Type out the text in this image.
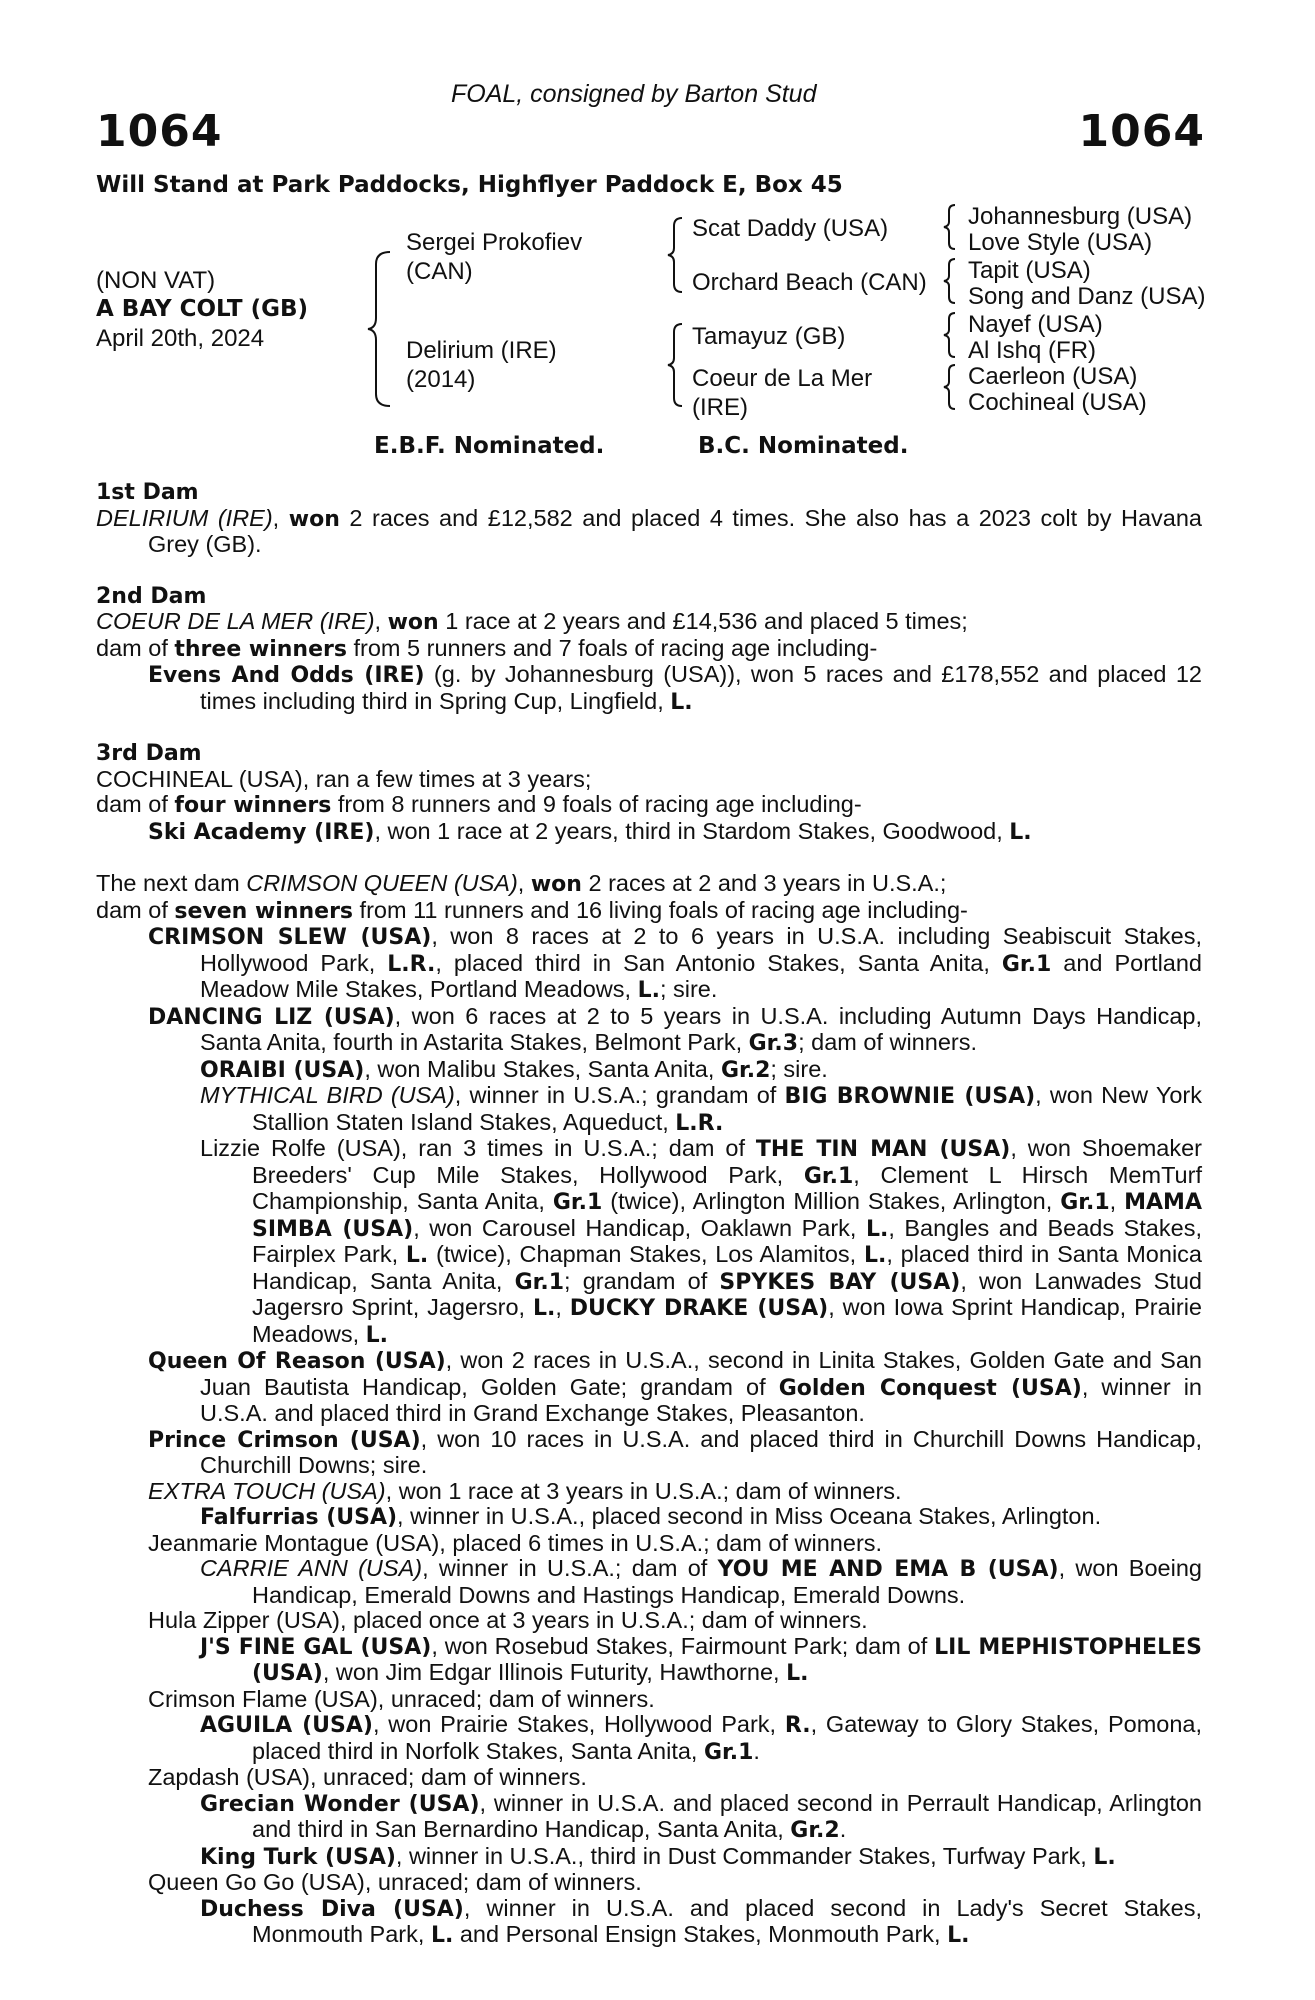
FOAL, consigned by Barton Stud
1064	1064
Will Stand at Park Paddocks, Highflyer Paddock E, Box 45
(NON VAT)
A BAY COLT (GB)
April 20th, 2024
Sergei Prokofiev
(CAN)
Delirium (IRE)
(2014)
Scat Daddy (USA)
Orchard Beach (CAN)
Tamayuz (GB)
Coeur de La Mer
(IRE)
Johannesburg (USA)
Love Style (USA)
Tapit (USA)
Song and Danz (USA)
Nayef (USA)
Al Ishq (FR)
Caerleon (USA)
Cochineal (USA)
E.B.F. Nominated.	B.C. Nominated.
1st Dam
DELIRIUM (IRE), won 2 races and £12,582 and placed 4 times. She also has a 2023 colt by Havana Grey (GB).
2nd Dam
COEUR DE LA MER (IRE), won 1 race at 2 years and £14,536 and placed 5 times;
dam of three winners from 5 runners and 7 foals of racing age including-
Evens And Odds (IRE) (g. by Johannesburg (USA)), won 5 races and £178,552 and placed 12 times including third in Spring Cup, Lingfield, L.
3rd Dam
COCHINEAL (USA), ran a few times at 3 years;
dam of four winners from 8 runners and 9 foals of racing age including-
Ski Academy (IRE), won 1 race at 2 years, third in Stardom Stakes, Goodwood, L.
The next dam CRIMSON QUEEN (USA), won 2 races at 2 and 3 years in U.S.A.;
dam of seven winners from 11 runners and 16 living foals of racing age including-
CRIMSON SLEW (USA), won 8 races at 2 to 6 years in U.S.A. including Seabiscuit Stakes, Hollywood Park, L.R., placed third in San Antonio Stakes, Santa Anita, Gr.1 and Portland Meadow Mile Stakes, Portland Meadows, L.; sire.
DANCING LIZ (USA), won 6 races at 2 to 5 years in U.S.A. including Autumn Days Handicap, Santa Anita, fourth in Astarita Stakes, Belmont Park, Gr.3; dam of winners.
ORAIBI (USA), won Malibu Stakes, Santa Anita, Gr.2; sire.
MYTHICAL BIRD (USA), winner in U.S.A.; grandam of BIG BROWNIE (USA), won New York Stallion Staten Island Stakes, Aqueduct, L.R.
Lizzie Rolfe (USA), ran 3 times in U.S.A.; dam of THE TIN MAN (USA), won Shoemaker Breeders' Cup Mile Stakes, Hollywood Park, Gr.1, Clement L Hirsch MemTurf Championship, Santa Anita, Gr.1 (twice), Arlington Million Stakes, Arlington, Gr.1, MAMA SIMBA (USA), won Carousel Handicap, Oaklawn Park, L., Bangles and Beads Stakes, Fairplex Park, L. (twice), Chapman Stakes, Los Alamitos, L., placed third in Santa Monica Handicap, Santa Anita, Gr.1; grandam of SPYKES BAY (USA), won Lanwades Stud Jagersro Sprint, Jagersro, L., DUCKY DRAKE (USA), won Iowa Sprint Handicap, Prairie Meadows, L.
Queen Of Reason (USA), won 2 races in U.S.A., second in Linita Stakes, Golden Gate and San Juan Bautista Handicap, Golden Gate; grandam of Golden Conquest (USA), winner in U.S.A. and placed third in Grand Exchange Stakes, Pleasanton.
Prince Crimson (USA), won 10 races in U.S.A. and placed third in Churchill Downs Handicap, Churchill Downs; sire.
EXTRA TOUCH (USA), won 1 race at 3 years in U.S.A.; dam of winners.
Falfurrias (USA), winner in U.S.A., placed second in Miss Oceana Stakes, Arlington.
Jeanmarie Montague (USA), placed 6 times in U.S.A.; dam of winners.
CARRIE ANN (USA), winner in U.S.A.; dam of YOU ME AND EMA B (USA), won Boeing Handicap, Emerald Downs and Hastings Handicap, Emerald Downs.
Hula Zipper (USA), placed once at 3 years in U.S.A.; dam of winners.
J'S FINE GAL (USA), won Rosebud Stakes, Fairmount Park; dam of LIL MEPHISTOPHELES (USA), won Jim Edgar Illinois Futurity, Hawthorne, L.
Crimson Flame (USA), unraced; dam of winners.
AGUILA (USA), won Prairie Stakes, Hollywood Park, R., Gateway to Glory Stakes, Pomona, placed third in Norfolk Stakes, Santa Anita, Gr.1.
Zapdash (USA), unraced; dam of winners.
Grecian Wonder (USA), winner in U.S.A. and placed second in Perrault Handicap, Arlington and third in San Bernardino Handicap, Santa Anita, Gr.2.
King Turk (USA), winner in U.S.A., third in Dust Commander Stakes, Turfway Park, L.
Queen Go Go (USA), unraced; dam of winners.
Duchess Diva (USA), winner in U.S.A. and placed second in Lady's Secret Stakes, Monmouth Park, L. and Personal Ensign Stakes, Monmouth Park, L.
